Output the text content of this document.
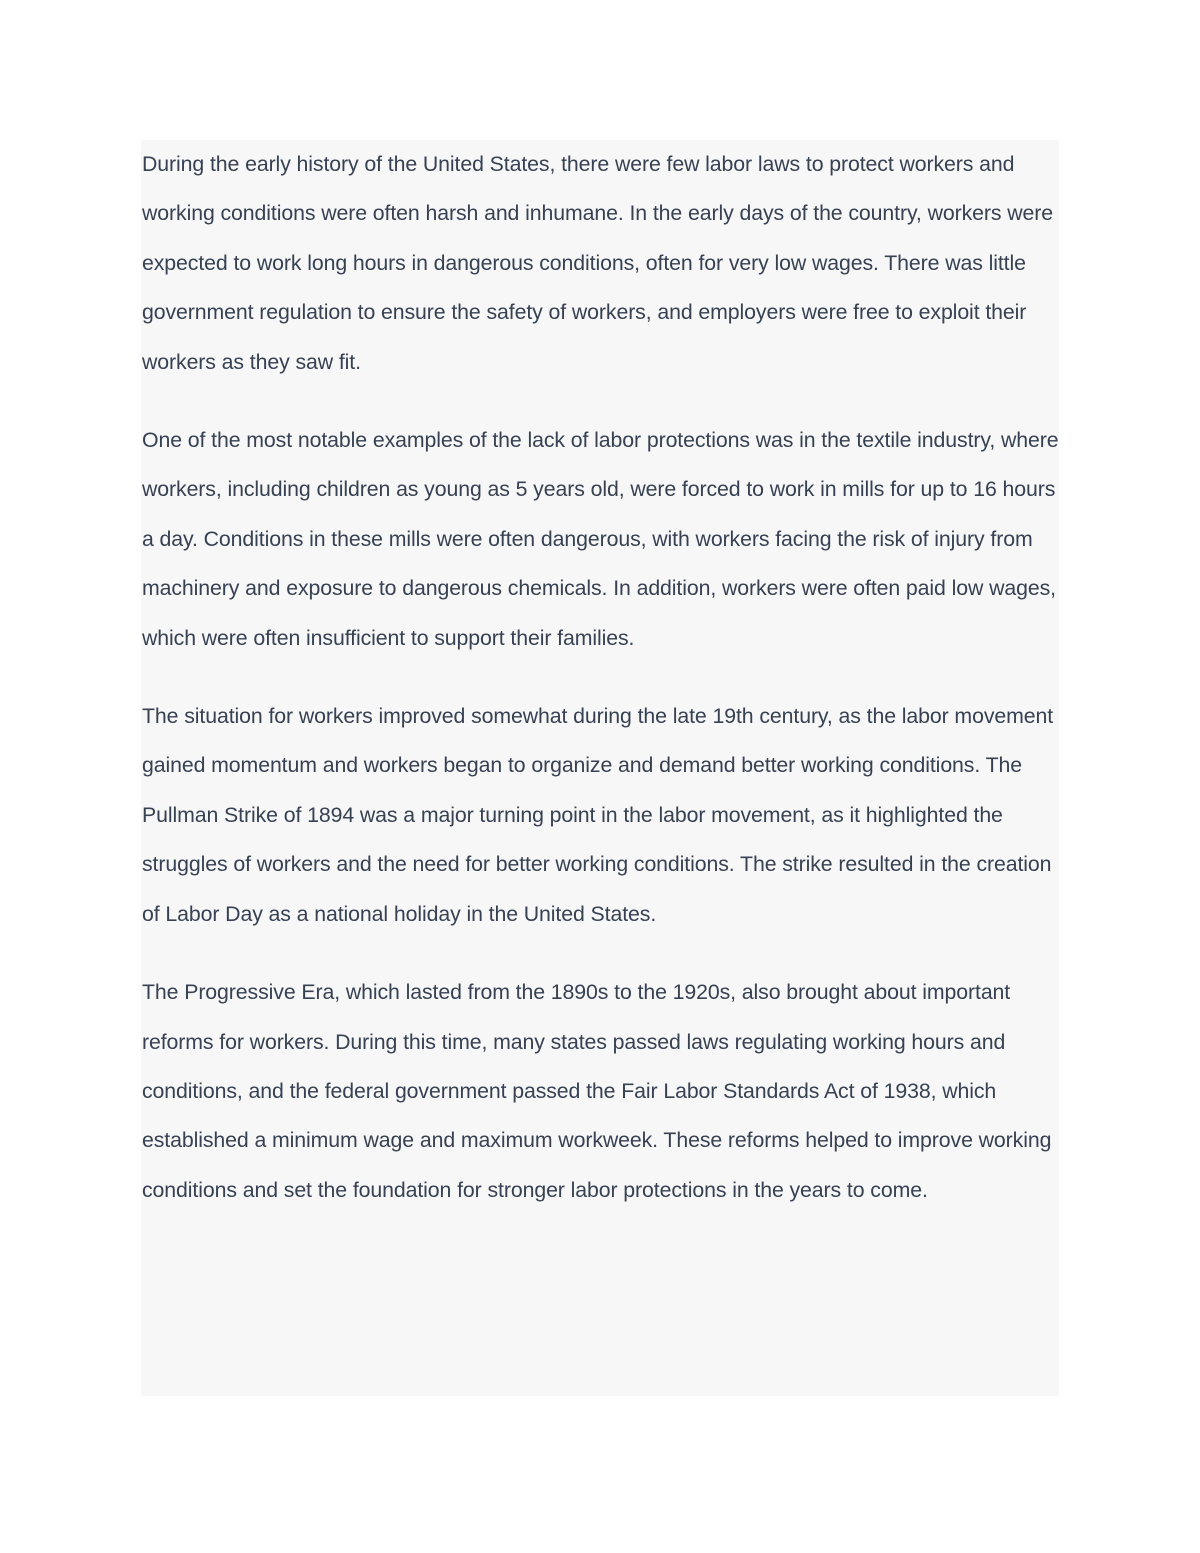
During the early history of the United States, there were few labor laws to protect workers and working conditions were often harsh and inhumane. In the early days of the country, workers were expected to work long hours in dangerous conditions, often for very low wages. There was little government regulation to ensure the safety of workers, and employers were free to exploit their workers as they saw fit.

One of the most notable examples of the lack of labor protections was in the textile industry, where workers, including children as young as 5 years old, were forced to work in mills for up to 16 hours a day. Conditions in these mills were often dangerous, with workers facing the risk of injury from machinery and exposure to dangerous chemicals. In addition, workers were often paid low wages, which were often insufficient to support their families.

The situation for workers improved somewhat during the late 19th century, as the labor movement gained momentum and workers began to organize and demand better working conditions. The Pullman Strike of 1894 was a major turning point in the labor movement, as it highlighted the struggles of workers and the need for better working conditions. The strike resulted in the creation of Labor Day as a national holiday in the United States.

The Progressive Era, which lasted from the 1890s to the 1920s, also brought about important reforms for workers. During this time, many states passed laws regulating working hours and conditions, and the federal government passed the Fair Labor Standards Act of 1938, which established a minimum wage and maximum workweek. These reforms helped to improve working conditions and set the foundation for stronger labor protections in the years to come.
